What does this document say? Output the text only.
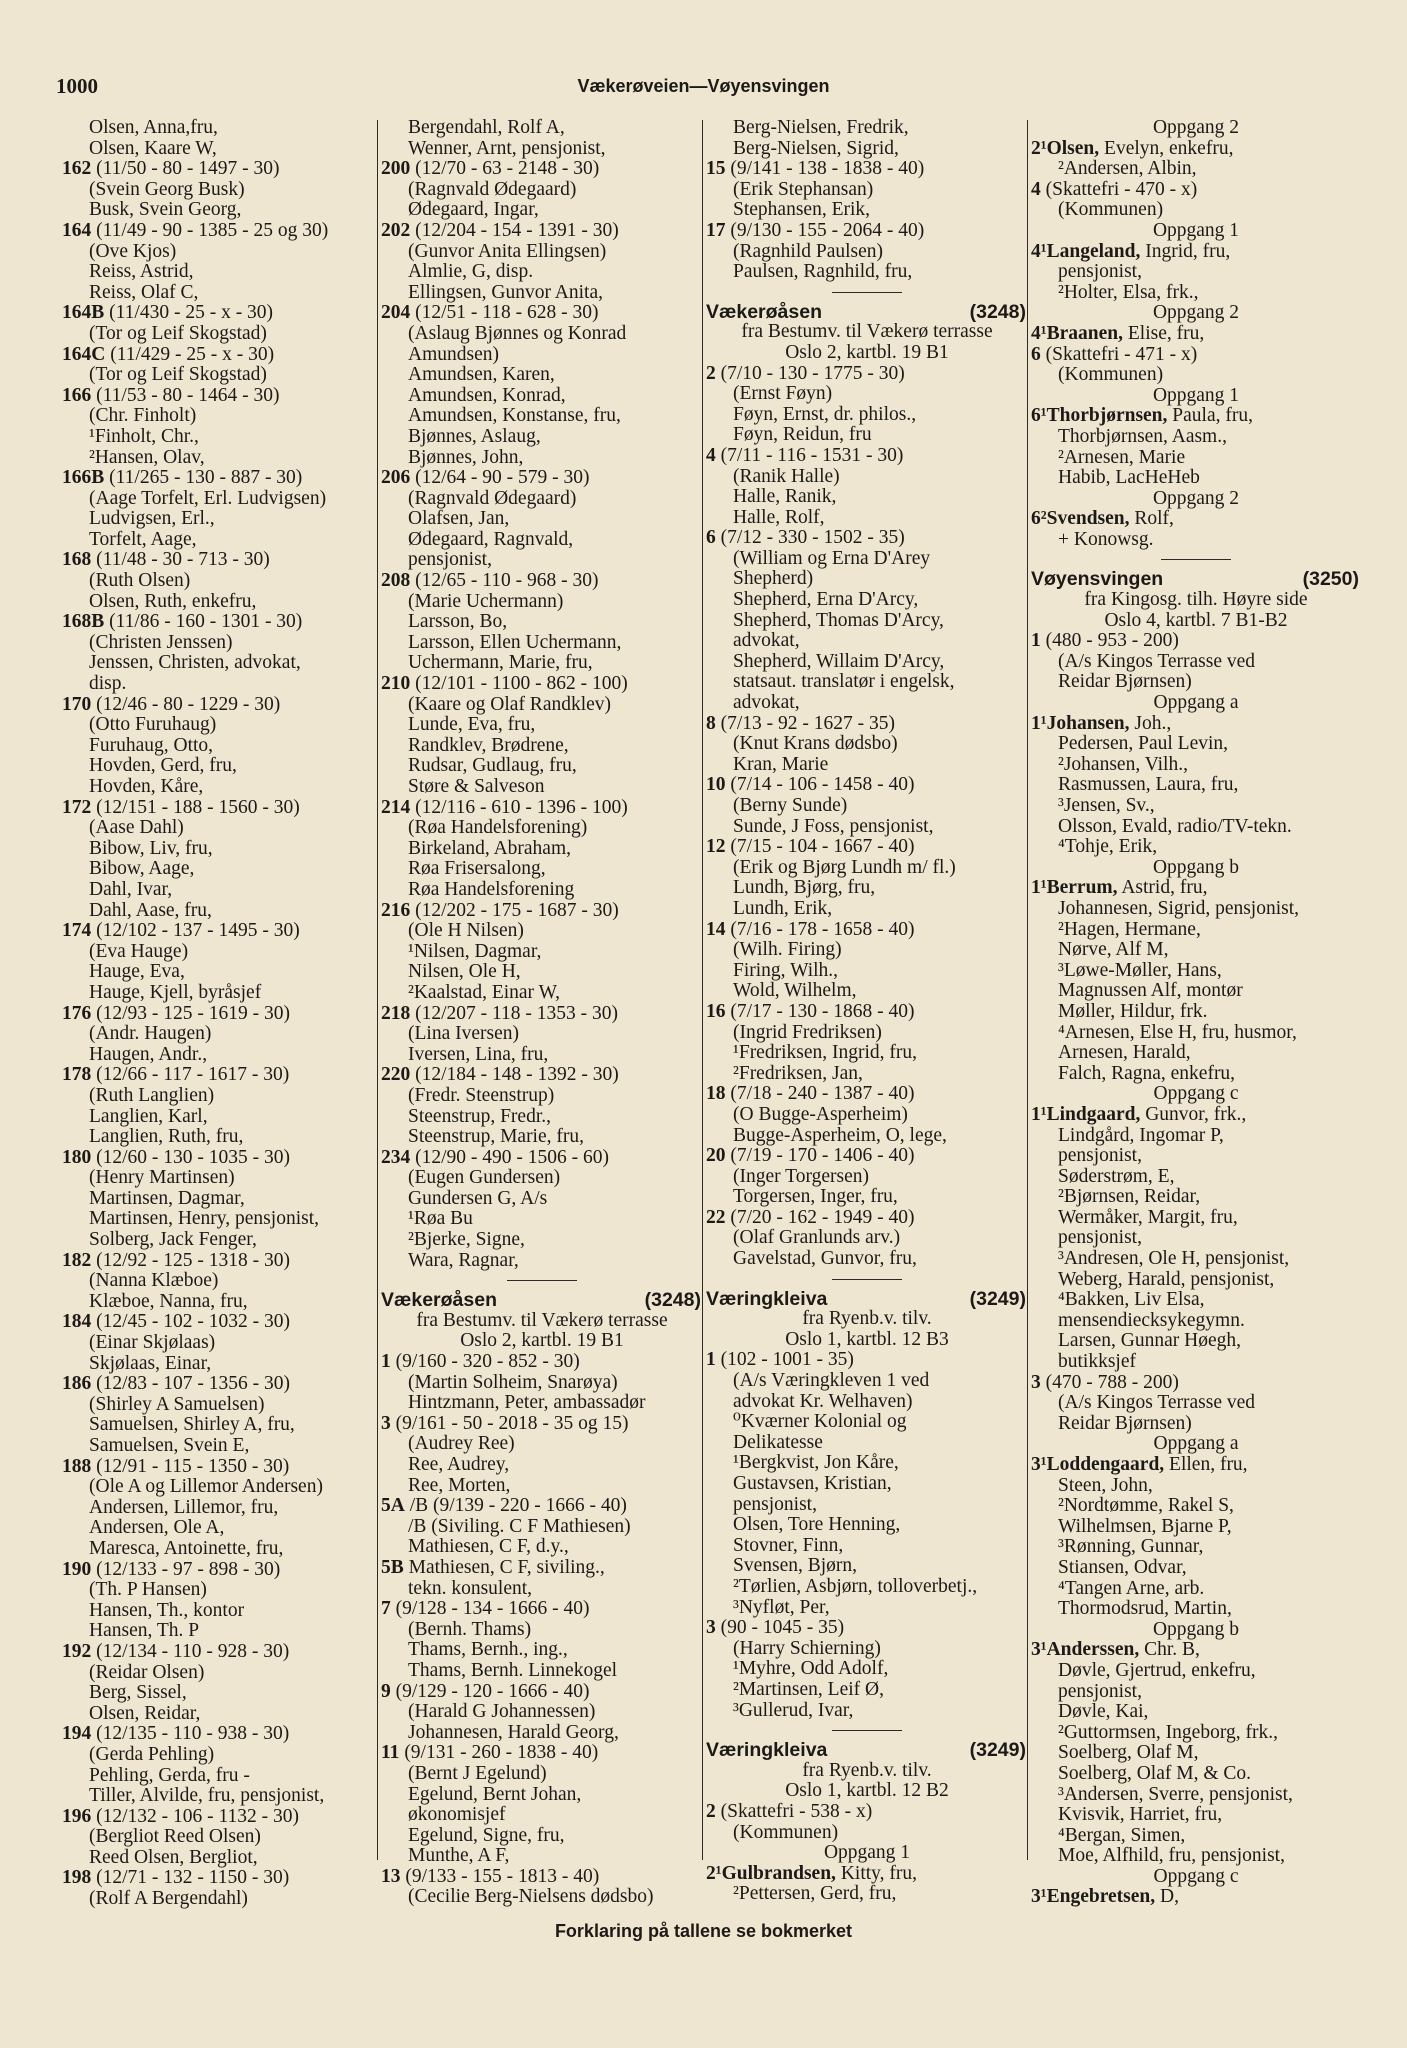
1000	Vækerøveien—Vøyensvingen
Olsen, Anna,fru,
Olsen, Kaare W,
162 (11/50 - 80 - 1497 - 30)
(Svein Georg Busk)
Busk, Svein Georg,
164 (11/49 - 90 - 1385 - 25 og 30)
(Ove Kjos)
Reiss, Astrid,
Reiss, Olaf C,
164B (11/430 - 25 - x - 30)
(Tor og Leif Skogstad)
164C (11/429 - 25 - x - 30)
(Tor og Leif Skogstad)
166 (11/53 - 80 - 1464 - 30)
(Chr. Finholt)
¹Finholt, Chr.,
²Hansen, Olav,
166B (11/265 - 130 - 887 - 30)
(Aage Torfelt, Erl. Ludvigsen)
Ludvigsen, Erl.,
Torfelt, Aage,
168 (11/48 - 30 - 713 - 30)
(Ruth Olsen)
Olsen, Ruth, enkefru,
168B (11/86 - 160 - 1301 - 30)
(Christen Jenssen)
Jenssen, Christen, advokat,
disp.
170 (12/46 - 80 - 1229 - 30)
(Otto Furuhaug)
Furuhaug, Otto,
Hovden, Gerd, fru,
Hovden, Kåre,
172 (12/151 - 188 - 1560 - 30)
(Aase Dahl)
Bibow, Liv, fru,
Bibow, Aage,
Dahl, Ivar,
Dahl, Aase, fru,
174 (12/102 - 137 - 1495 - 30)
(Eva Hauge)
Hauge, Eva,
Hauge, Kjell, byråsjef
176 (12/93 - 125 - 1619 - 30)
(Andr. Haugen)
Haugen, Andr.,
178 (12/66 - 117 - 1617 - 30)
(Ruth Langlien)
Langlien, Karl,
Langlien, Ruth, fru,
180 (12/60 - 130 - 1035 - 30)
(Henry Martinsen)
Martinsen, Dagmar,
Martinsen, Henry, pensjonist,
Solberg, Jack Fenger,
182 (12/92 - 125 - 1318 - 30)
(Nanna Klæboe)
Klæboe, Nanna, fru,
184 (12/45 - 102 - 1032 - 30)
(Einar Skjølaas)
Skjølaas, Einar,
186 (12/83 - 107 - 1356 - 30)
(Shirley A Samuelsen)
Samuelsen, Shirley A, fru,
Samuelsen, Svein E,
188 (12/91 - 115 - 1350 - 30)
(Ole A og Lillemor Andersen)
Andersen, Lillemor, fru,
Andersen, Ole A,
Maresca, Antoinette, fru,
190 (12/133 - 97 - 898 - 30)
(Th. P Hansen)
Hansen, Th., kontor
Hansen, Th. P
192 (12/134 - 110 - 928 - 30)
(Reidar Olsen)
Berg, Sissel,
Olsen, Reidar,
194 (12/135 - 110 - 938 - 30)
(Gerda Pehling)
Pehling, Gerda, fru -
Tiller, Alvilde, fru, pensjonist,
196 (12/132 - 106 - 1132 - 30)
(Bergliot Reed Olsen)
Reed Olsen, Bergliot,
198 (12/71 - 132 - 1150 - 30)
(Rolf A Bergendahl)
Bergendahl, Rolf A,
Wenner, Arnt, pensjonist,
200 (12/70 - 63 - 2148 - 30)
(Ragnvald Ødegaard)
Ødegaard, Ingar,
202 (12/204 - 154 - 1391 - 30)
(Gunvor Anita Ellingsen)
Almlie, G, disp.
Ellingsen, Gunvor Anita,
204 (12/51 - 118 - 628 - 30)
(Aslaug Bjønnes og Konrad
Amundsen)
Amundsen, Karen,
Amundsen, Konrad,
Amundsen, Konstanse, fru,
Bjønnes, Aslaug,
Bjønnes, John,
206 (12/64 - 90 - 579 - 30)
(Ragnvald Ødegaard)
Olafsen, Jan,
Ødegaard, Ragnvald,
pensjonist,
208 (12/65 - 110 - 968 - 30)
(Marie Uchermann)
Larsson, Bo,
Larsson, Ellen Uchermann,
Uchermann, Marie, fru,
210 (12/101 - 1100 - 862 - 100)
(Kaare og Olaf Randklev)
Lunde, Eva, fru,
Randklev, Brødrene,
Rudsar, Gudlaug, fru,
Støre & Salveson
214 (12/116 - 610 - 1396 - 100)
(Røa Handelsforening)
Birkeland, Abraham,
Røa Frisersalong,
Røa Handelsforening
216 (12/202 - 175 - 1687 - 30)
(Ole H Nilsen)
¹Nilsen, Dagmar,
Nilsen, Ole H,
²Kaalstad, Einar W,
218 (12/207 - 118 - 1353 - 30)
(Lina Iversen)
Iversen, Lina, fru,
220 (12/184 - 148 - 1392 - 30)
(Fredr. Steenstrup)
Steenstrup, Fredr.,
Steenstrup, Marie, fru,
234 (12/90 - 490 - 1506 - 60)
(Eugen Gundersen)
Gundersen G, A/s
¹Røa Bu
²Bjerke, Signe,
Wara, Ragnar,
Vækerøåsen	(3248)
fra Bestumv. til Vækerø terrasse
Oslo 2, kartbl. 19 B1
1 (9/160 - 320 - 852 - 30)
(Martin Solheim, Snarøya)
Hintzmann, Peter, ambassadør
3 (9/161 - 50 - 2018 - 35 og 15)
(Audrey Ree)
Ree, Audrey,
Ree, Morten,
5A /B (9/139 - 220 - 1666 - 40)
/B (Siviling. C F Mathiesen)
Mathiesen, C F, d.y.,
5B Mathiesen, C F, siviling.,
tekn. konsulent,
7 (9/128 - 134 - 1666 - 40)
(Bernh. Thams)
Thams, Bernh., ing.,
Thams, Bernh. Linnekogel
9 (9/129 - 120 - 1666 - 40)
(Harald G Johannessen)
Johannesen, Harald Georg,
11 (9/131 - 260 - 1838 - 40)
(Bernt J Egelund)
Egelund, Bernt Johan,
økonomisjef
Egelund, Signe, fru,
Munthe, A F,
13 (9/133 - 155 - 1813 - 40)
(Cecilie Berg-Nielsens dødsbo)
Berg-Nielsen, Fredrik,
Berg-Nielsen, Sigrid,
15 (9/141 - 138 - 1838 - 40)
(Erik Stephansan)
Stephansen, Erik,
17 (9/130 - 155 - 2064 - 40)
(Ragnhild Paulsen)
Paulsen, Ragnhild, fru,
Vækerøåsen	(3248)
fra Bestumv. til Vækerø terrasse
Oslo 2, kartbl. 19 B1
2 (7/10 - 130 - 1775 - 30)
(Ernst Føyn)
Føyn, Ernst, dr. philos.,
Føyn, Reidun, fru
4 (7/11 - 116 - 1531 - 30)
(Ranik Halle)
Halle, Ranik,
Halle, Rolf,
6 (7/12 - 330 - 1502 - 35)
(William og Erna D'Arey
Shepherd)
Shepherd, Erna D'Arcy,
Shepherd, Thomas D'Arcy,
advokat,
Shepherd, Willaim D'Arcy,
statsaut. translatør i engelsk,
advokat,
8 (7/13 - 92 - 1627 - 35)
(Knut Krans dødsbo)
Kran, Marie
10 (7/14 - 106 - 1458 - 40)
(Berny Sunde)
Sunde, J Foss, pensjonist,
12 (7/15 - 104 - 1667 - 40)
(Erik og Bjørg Lundh m/ fl.)
Lundh, Bjørg, fru,
Lundh, Erik,
14 (7/16 - 178 - 1658 - 40)
(Wilh. Firing)
Firing, Wilh.,
Wold, Wilhelm,
16 (7/17 - 130 - 1868 - 40)
(Ingrid Fredriksen)
¹Fredriksen, Ingrid, fru,
²Fredriksen, Jan,
18 (7/18 - 240 - 1387 - 40)
(O Bugge-Asperheim)
Bugge-Asperheim, O, lege,
20 (7/19 - 170 - 1406 - 40)
(Inger Torgersen)
Torgersen, Inger, fru,
22 (7/20 - 162 - 1949 - 40)
(Olaf Granlunds arv.)
Gavelstad, Gunvor, fru,
Væringkleiva	(3249)
fra Ryenb.v. tilv.
Oslo 1, kartbl. 12 B3
1 (102 - 1001 - 35)
(A/s Væringkleven 1 ved
advokat Kr. Welhaven)
⁰Kværner Kolonial og
Delikatesse
¹Bergkvist, Jon Kåre,
Gustavsen, Kristian,
pensjonist,
Olsen, Tore Henning,
Stovner, Finn,
Svensen, Bjørn,
²Tørlien, Asbjørn, tolloverbetj.,
³Nyfløt, Per,
3 (90 - 1045 - 35)
(Harry Schierning)
¹Myhre, Odd Adolf,
²Martinsen, Leif Ø,
³Gullerud, Ivar,
Væringkleiva	(3249)
fra Ryenb.v. tilv.
Oslo 1, kartbl. 12 B2
2 (Skattefri - 538 - x)
(Kommunen)
Oppgang 1
2¹Gulbrandsen, Kitty, fru,
²Pettersen, Gerd, fru,
Oppgang 2
2¹Olsen, Evelyn, enkefru,
²Andersen, Albin,
4 (Skattefri - 470 - x)
(Kommunen)
Oppgang 1
4¹Langeland, Ingrid, fru,
pensjonist,
²Holter, Elsa, frk.,
Oppgang 2
4¹Braanen, Elise, fru,
6 (Skattefri - 471 - x)
(Kommunen)
Oppgang 1
6¹Thorbjørnsen, Paula, fru,
Thorbjørnsen, Aasm.,
²Arnesen, Marie
Habib, LacHeHeb
Oppgang 2
6²Svendsen, Rolf,
+ Konowsg.
Vøyensvingen	(3250)
fra Kingosg. tilh. Høyre side
Oslo 4, kartbl. 7 B1-B2
1 (480 - 953 - 200)
(A/s Kingos Terrasse ved
Reidar Bjørnsen)
Oppgang a
1¹Johansen, Joh.,
Pedersen, Paul Levin,
²Johansen, Vilh.,
Rasmussen, Laura, fru,
³Jensen, Sv.,
Olsson, Evald, radio/TV-tekn.
⁴Tohje, Erik,
Oppgang b
1¹Berrum, Astrid, fru,
Johannesen, Sigrid, pensjonist,
²Hagen, Hermane,
Nørve, Alf M,
³Løwe-Møller, Hans,
Magnussen Alf, montør
Møller, Hildur, frk.
⁴Arnesen, Else H, fru, husmor,
Arnesen, Harald,
Falch, Ragna, enkefru,
Oppgang c
1¹Lindgaard, Gunvor, frk.,
Lindgård, Ingomar P,
pensjonist,
Søderstrøm, E,
²Bjørnsen, Reidar,
Wermåker, Margit, fru,
pensjonist,
³Andresen, Ole H, pensjonist,
Weberg, Harald, pensjonist,
⁴Bakken, Liv Elsa,
mensendiecksykegymn.
Larsen, Gunnar Høegh,
butikksjef
3 (470 - 788 - 200)
(A/s Kingos Terrasse ved
Reidar Bjørnsen)
Oppgang a
3¹Loddengaard, Ellen, fru,
Steen, John,
²Nordtømme, Rakel S,
Wilhelmsen, Bjarne P,
³Rønning, Gunnar,
Stiansen, Odvar,
⁴Tangen Arne, arb.
Thormodsrud, Martin,
Oppgang b
3¹Anderssen, Chr. B,
Døvle, Gjertrud, enkefru,
pensjonist,
Døvle, Kai,
²Guttormsen, Ingeborg, frk.,
Soelberg, Olaf M,
Soelberg, Olaf M, & Co.
³Andersen, Sverre, pensjonist,
Kvisvik, Harriet, fru,
⁴Bergan, Simen,
Moe, Alfhild, fru, pensjonist,
Oppgang c
3¹Engebretsen, D,
Forklaring på tallene se bokmerket
